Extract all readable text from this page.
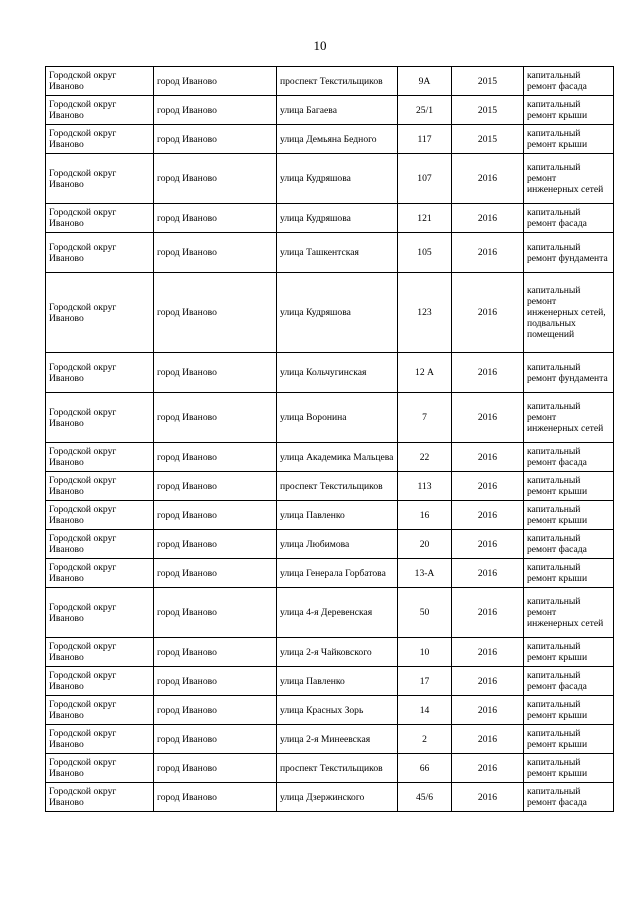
10
Городской округ Иваново	город Иваново	проспект Текстильщиков	9А	2015	капитальный ремонт фасада
Городской округ Иваново	город Иваново	улица Багаева	25/1	2015	капитальный ремонт крыши
Городской округ Иваново	город Иваново	улица Демьяна Бедного	117	2015	капитальный ремонт крыши
Городской округ Иваново	город Иваново	улица Кудряшова	107	2016	капитальный ремонт инженерных сетей
Городской округ Иваново	город Иваново	улица Кудряшова	121	2016	капитальный ремонт фасада
Городской округ Иваново	город Иваново	улица Ташкентская	105	2016	капитальный ремонт фундамента
Городской округ Иваново	город Иваново	улица Кудряшова	123	2016	капитальный ремонт инженерных сетей, подвальных помещений
Городской округ Иваново	город Иваново	улица Кольчугинская	12 А	2016	капитальный ремонт фундамента
Городской округ Иваново	город Иваново	улица Воронина	7	2016	капитальный ремонт инженерных сетей
Городской округ Иваново	город Иваново	улица Академика Мальцева	22	2016	капитальный ремонт фасада
Городской округ Иваново	город Иваново	проспект Текстильщиков	113	2016	капитальный ремонт крыши
Городской округ Иваново	город Иваново	улица Павленко	16	2016	капитальный ремонт крыши
Городской округ Иваново	город Иваново	улица Любимова	20	2016	капитальный ремонт фасада
Городской округ Иваново	город Иваново	улица Генерала Горбатова	13-А	2016	капитальный ремонт крыши
Городской округ Иваново	город Иваново	улица 4-я Деревенская	50	2016	капитальный ремонт инженерных сетей
Городской округ Иваново	город Иваново	улица 2-я Чайковского	10	2016	капитальный ремонт крыши
Городской округ Иваново	город Иваново	улица Павленко	17	2016	капитальный ремонт фасада
Городской округ Иваново	город Иваново	улица Красных Зорь	14	2016	капитальный ремонт крыши
Городской округ Иваново	город Иваново	улица 2-я Минеевская	2	2016	капитальный ремонт крыши
Городской округ Иваново	город Иваново	проспект Текстильщиков	66	2016	капитальный ремонт крыши
Городской округ Иваново	город Иваново	улица Дзержинского	45/6	2016	капитальный ремонт фасада
